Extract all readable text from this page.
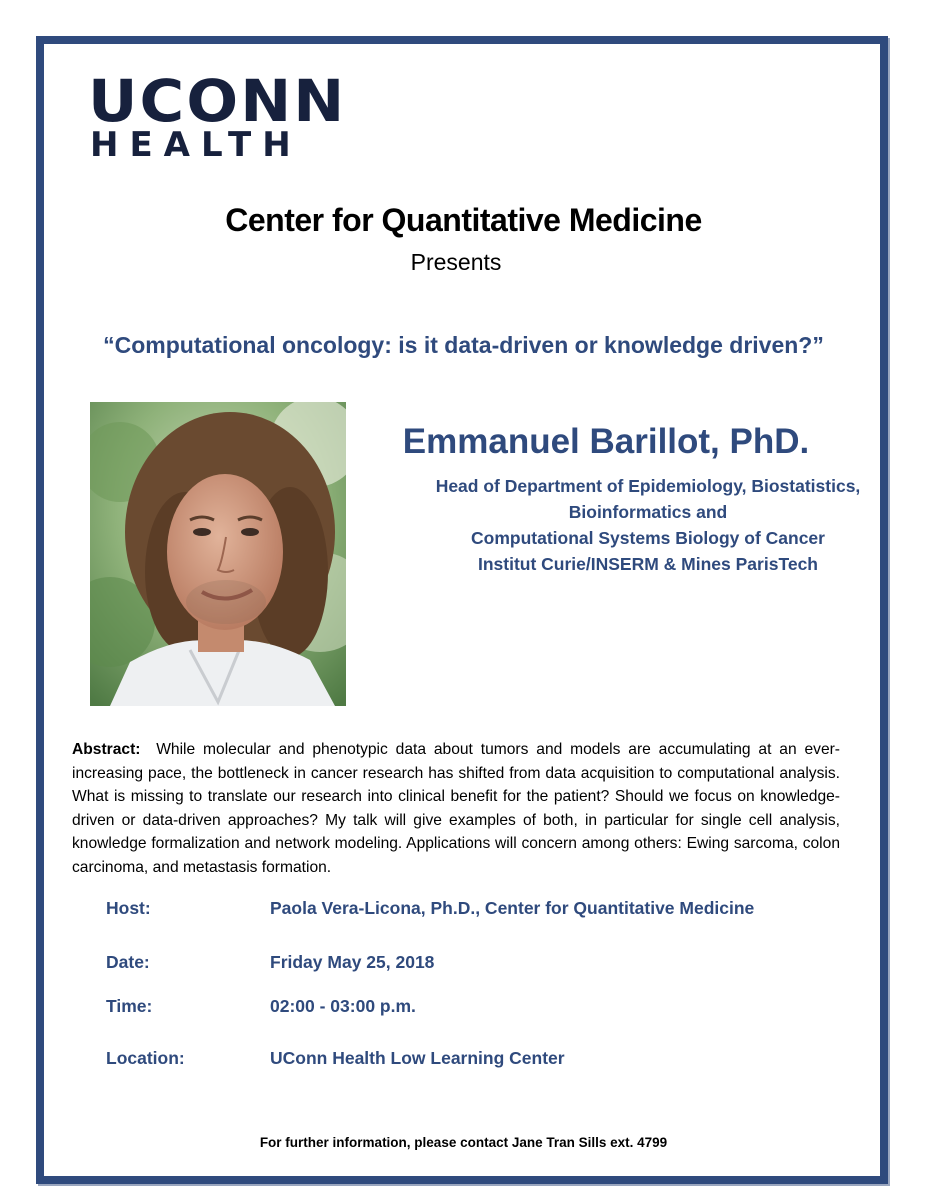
UCONN
HEALTH
Center for Quantitative Medicine
Presents
“Computational oncology: is it data-driven or knowledge driven?”
Emmanuel Barillot, PhD.
Head of Department of Epidemiology, Biostatistics,
Bioinformatics and
Computational Systems Biology of Cancer
Institut Curie/INSERM & Mines ParisTech
Abstract: While molecular and phenotypic data about tumors and models are accumulating at an ever-increasing pace, the bottleneck in cancer research has shifted from data acquisition to computational analysis. What is missing to translate our research into clinical benefit for the patient? Should we focus on knowledge-driven or data-driven approaches? My talk will give examples of both, in particular for single cell analysis, knowledge formalization and network modeling. Applications will concern among others: Ewing sarcoma, colon carcinoma, and metastasis formation.
Host:	Paola Vera-Licona, Ph.D., Center for Quantitative Medicine
Date:	Friday May 25, 2018
Time:	02:00 - 03:00 p.m.
Location:	UConn Health Low Learning Center
For further information, please contact Jane Tran Sills ext. 4799
